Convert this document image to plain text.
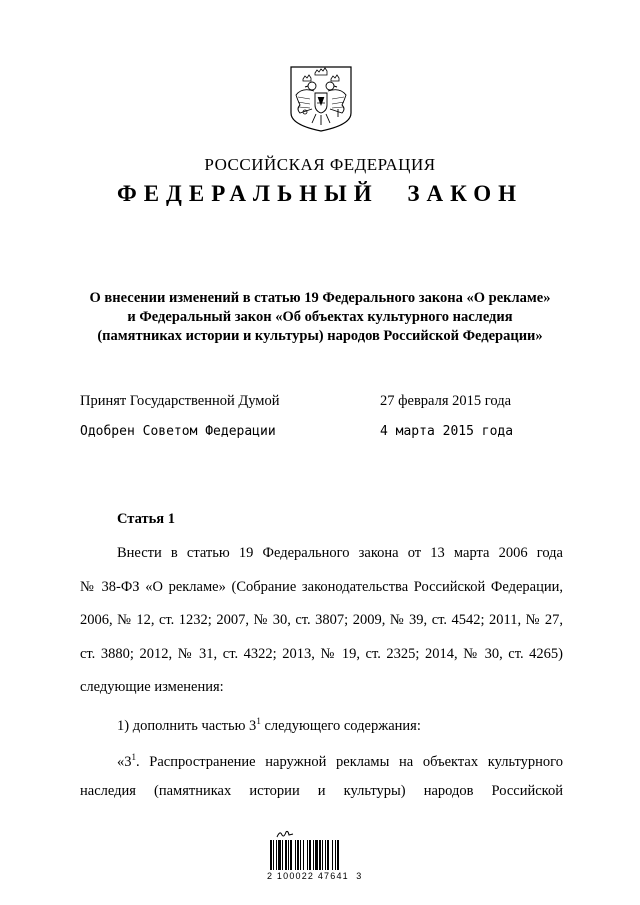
РОССИЙСКАЯ ФЕДЕРАЦИЯ
ФЕДЕРАЛЬНЫЙ ЗАКОН
О внесении изменений в статью 19 Федерального закона «О рекламе»
и Федеральный закон «Об объектах культурного наследия
(памятниках истории и культуры) народов Российской Федерации»
Принят Государственной Думой	27 февраля 2015 года
Одобрен Советом Федерации	4 марта 2015 года
Статья 1
Внести в статью 19 Федерального закона от 13 марта 2006 года
№ 38-ФЗ «О рекламе» (Собрание законодательства Российской Федерации,
2006, № 12, ст. 1232; 2007, № 30, ст. 3807; 2009, № 39, ст. 4542; 2011, № 27,
ст. 3880; 2012, № 31, ст. 4322; 2013, № 19, ст. 2325; 2014, № 30, ст. 4265)
следующие изменения:
1) дополнить частью $3^1$ следующего содержания:
«$3^1$. Распространение наружной рекламы на объектах культурного
наследия (памятниках истории и культуры) народов Российской
2 100022 47641  3
